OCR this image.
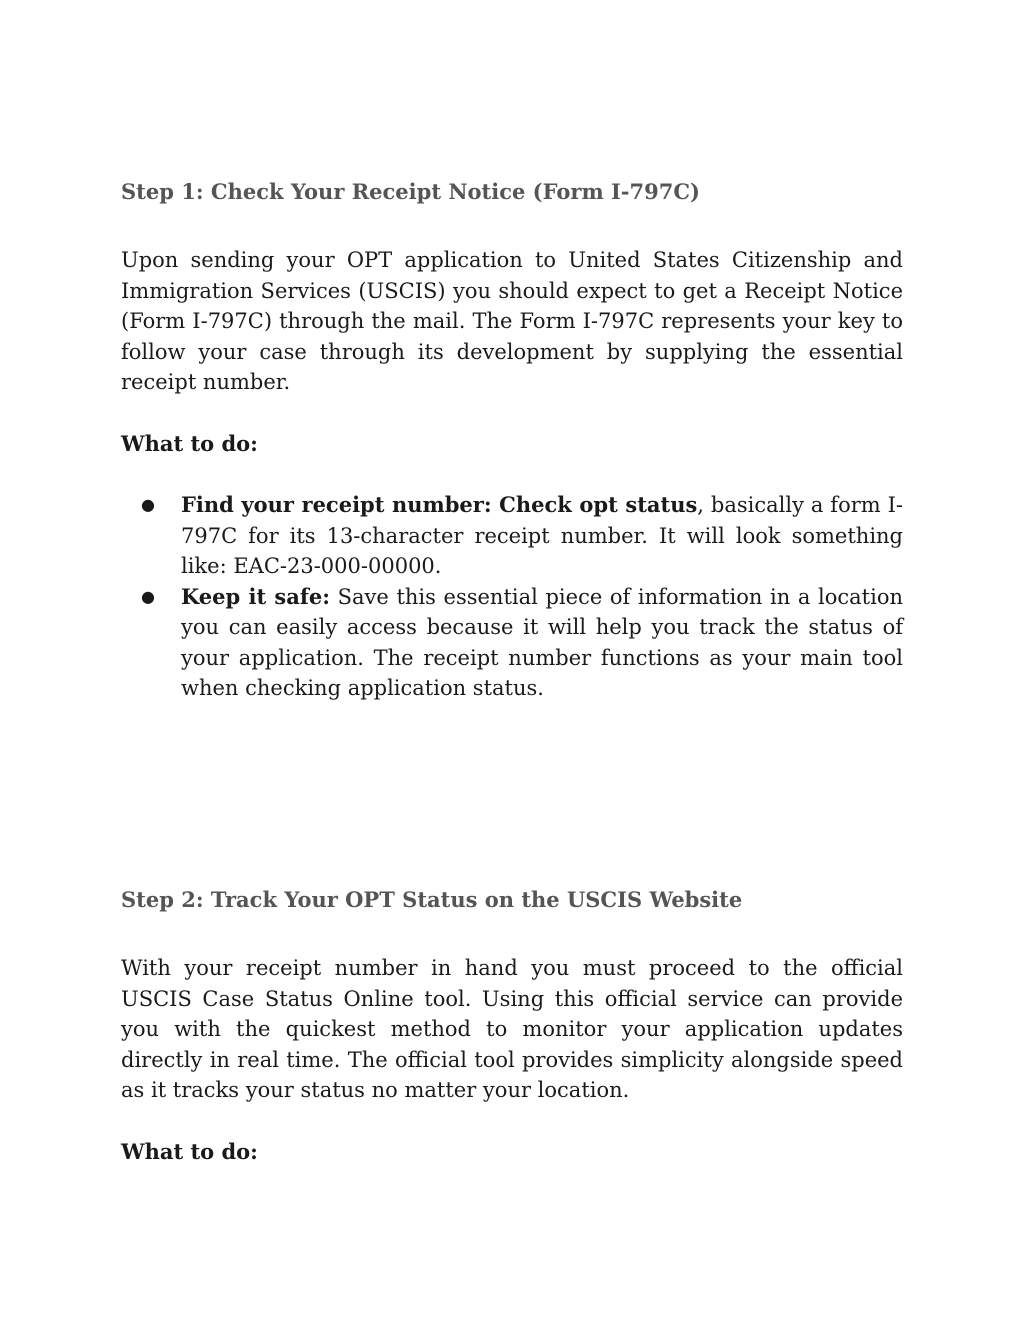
Step 1: Check Your Receipt Notice (Form I-797C)

Upon sending your OPT application to United States Citizenship and Immigration Services (USCIS) you should expect to get a Receipt Notice (Form I-797C) through the mail. The Form I-797C represents your key to follow your case through its development by supplying the essential receipt number.

What to do:

● Find your receipt number: Check opt status, basically a form I-797C for its 13-character receipt number. It will look something like: EAC-23-000-00000.
● Keep it safe: Save this essential piece of information in a location you can easily access because it will help you track the status of your application. The receipt number functions as your main tool when checking application status.

Step 2: Track Your OPT Status on the USCIS Website

With your receipt number in hand you must proceed to the official USCIS Case Status Online tool. Using this official service can provide you with the quickest method to monitor your application updates directly in real time. The official tool provides simplicity alongside speed as it tracks your status no matter your location.

What to do:
